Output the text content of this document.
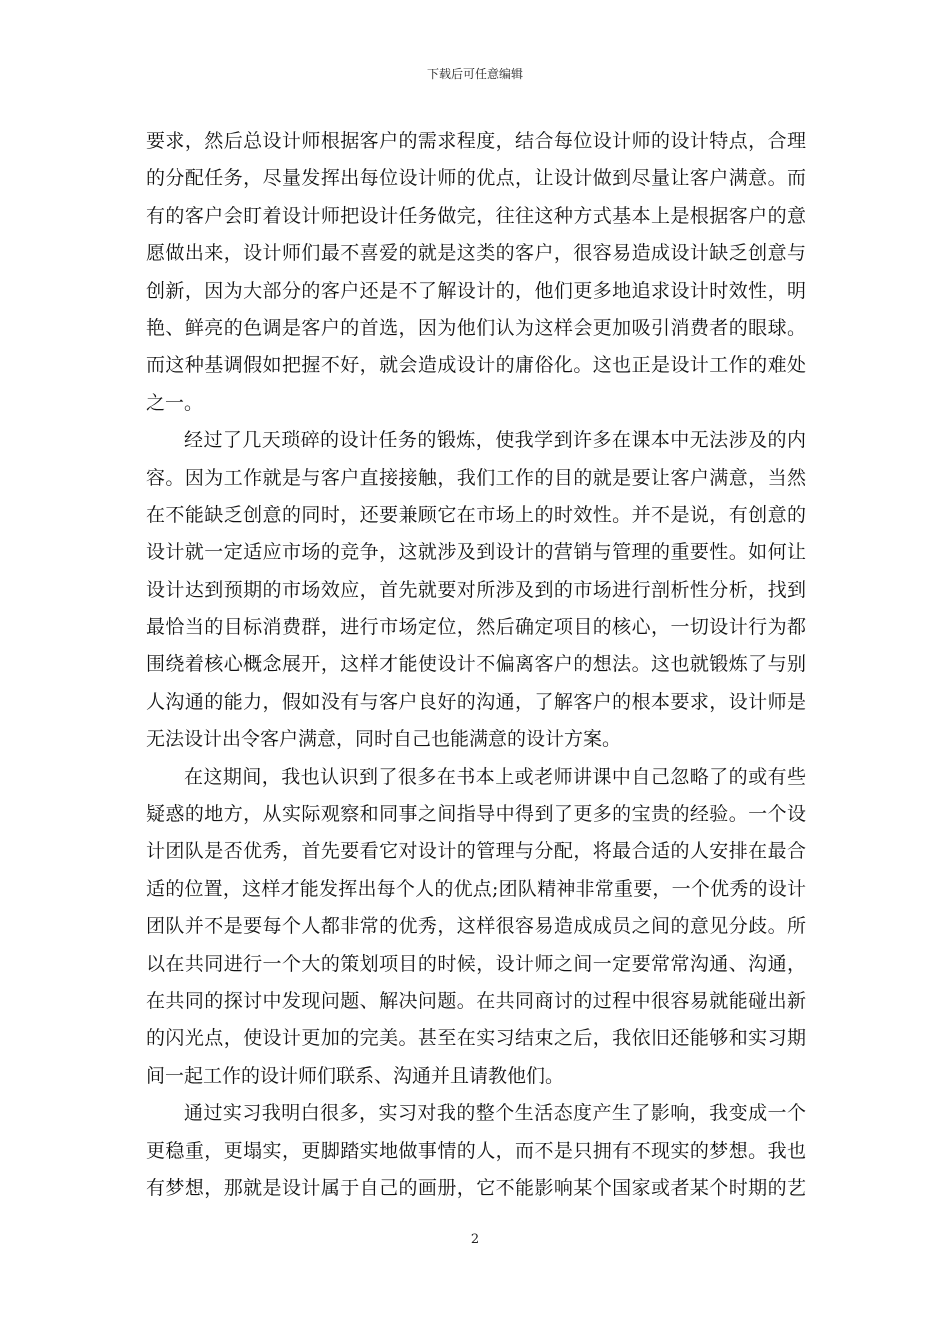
下载后可任意编辑
要求，然后总设计师根据客户的需求程度，结合每位设计师的设计特点，合理
的分配任务，尽量发挥出每位设计师的优点，让设计做到尽量让客户满意。而
有的客户会盯着设计师把设计任务做完，往往这种方式基本上是根据客户的意
愿做出来，设计师们最不喜爱的就是这类的客户，很容易造成设计缺乏创意与
创新，因为大部分的客户还是不了解设计的，他们更多地追求设计时效性，明
艳、鲜亮的色调是客户的首选，因为他们认为这样会更加吸引消费者的眼球。
而这种基调假如把握不好，就会造成设计的庸俗化。这也正是设计工作的难处
之一。
经过了几天琐碎的设计任务的锻炼，使我学到许多在课本中无法涉及的内
容。因为工作就是与客户直接接触，我们工作的目的就是要让客户满意，当然
在不能缺乏创意的同时，还要兼顾它在市场上的时效性。并不是说，有创意的
设计就一定适应市场的竞争，这就涉及到设计的营销与管理的重要性。如何让
设计达到预期的市场效应，首先就要对所涉及到的市场进行剖析性分析，找到
最恰当的目标消费群，进行市场定位，然后确定项目的核心，一切设计行为都
围绕着核心概念展开，这样才能使设计不偏离客户的想法。这也就锻炼了与别
人沟通的能力，假如没有与客户良好的沟通，了解客户的根本要求，设计师是
无法设计出令客户满意，同时自己也能满意的设计方案。
在这期间，我也认识到了很多在书本上或老师讲课中自己忽略了的或有些
疑惑的地方，从实际观察和同事之间指导中得到了更多的宝贵的经验。一个设
计团队是否优秀，首先要看它对设计的管理与分配，将最合适的人安排在最合
适的位置，这样才能发挥出每个人的优点;团队精神非常重要，一个优秀的设计
团队并不是要每个人都非常的优秀，这样很容易造成成员之间的意见分歧。所
以在共同进行一个大的策划项目的时候，设计师之间一定要常常沟通、沟通，
在共同的探讨中发现问题、解决问题。在共同商讨的过程中很容易就能碰出新
的闪光点，使设计更加的完美。甚至在实习结束之后，我依旧还能够和实习期
间一起工作的设计师们联系、沟通并且请教他们。
通过实习我明白很多，实习对我的整个生活态度产生了影响，我变成一个
更稳重，更塌实，更脚踏实地做事情的人，而不是只拥有不现实的梦想。我也
有梦想，那就是设计属于自己的画册，它不能影响某个国家或者某个时期的艺
2
